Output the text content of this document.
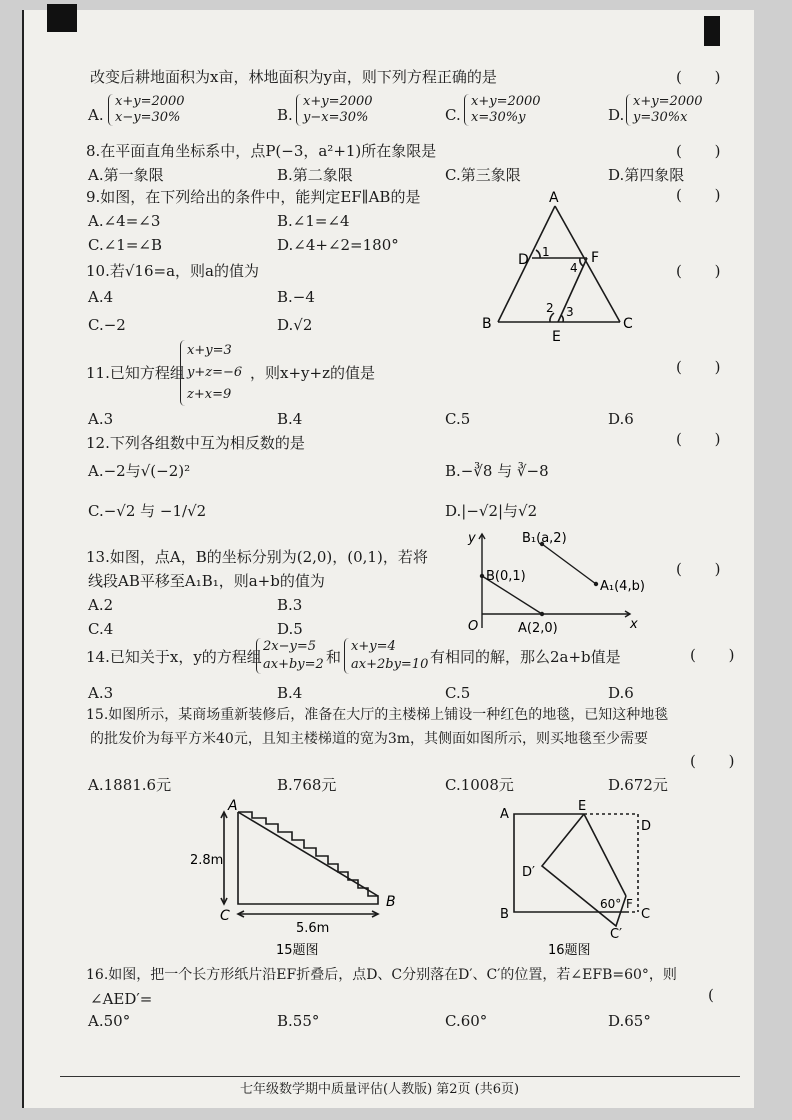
改变后耕地面积为x亩，林地面积为y亩，则下列方程正确的是	( )
A.
x+y=2000
x−y=30%	B.
x+y=2000
y−x=30%	C.
x+y=2000
x=30%y	D.
x+y=2000
y=30%x
8.在平面直角坐标系中，点P(−3，a²+1)所在象限是	( )
A.第一象限	B.第二象限	C.第三象限	D.第四象限
9.如图，在下列给出的条件中，能判定EF∥AB的是	( )
A.∠4=∠3	B.∠1=∠4
C.∠1=∠B	D.∠4+∠2=180°
A
B	C
D	F
E
1
4
2 3
10.若√16=a，则a的值为	( )
A.4	B.−4
C.−2	D.√2
11.已知方程组
x+y=3
y+z=−6
z+x=9
，则x+y+z的值是	( )
A.3	B.4	C.5	D.6
12.下列各组数中互为相反数的是	( )
A.−2与√(−2)²	B.−∛8 与 ∛−8
C.−√2 与 −1/√2	D.|−√2|与√2
13.如图，点A，B的坐标分别为(2,0)，(0,1)，若将
线段AB平移至A₁B₁，则a+b的值为
( )
A.2	B.3
C.4	D.5
y
x
O
B₁(a,2)
B(0,1)
A₁(4,b)
A(2,0)
14.已知关于x，y的方程组
2x−y=5
ax+by=2 和
x+y=4
ax+2by=10 有相同的解，那么2a+b值是	( )
A.3	B.4	C.5	D.6
15.如图所示，某商场重新装修后，准备在大厅的主楼梯上铺设一种红色的地毯，已知这种地毯
的批发价为每平方米40元，且知主楼梯道的宽为3m，其侧面如图所示，则买地毯至少需要
( )
A.1881.6元	B.768元	C.1008元	D.672元
A
C
B
2.8m
5.6m
15题图
A
E
D
D′
B
F
C
C′
60°
16题图
16.如图，把一个长方形纸片沿EF折叠后，点D、C分别落在D′、C′的位置，若∠EFB=60°，则
∠AED′=	(
A.50°	B.55°	C.60°	D.65°
七年级数学期中质量评估(人教版) 第2页 (共6页)
